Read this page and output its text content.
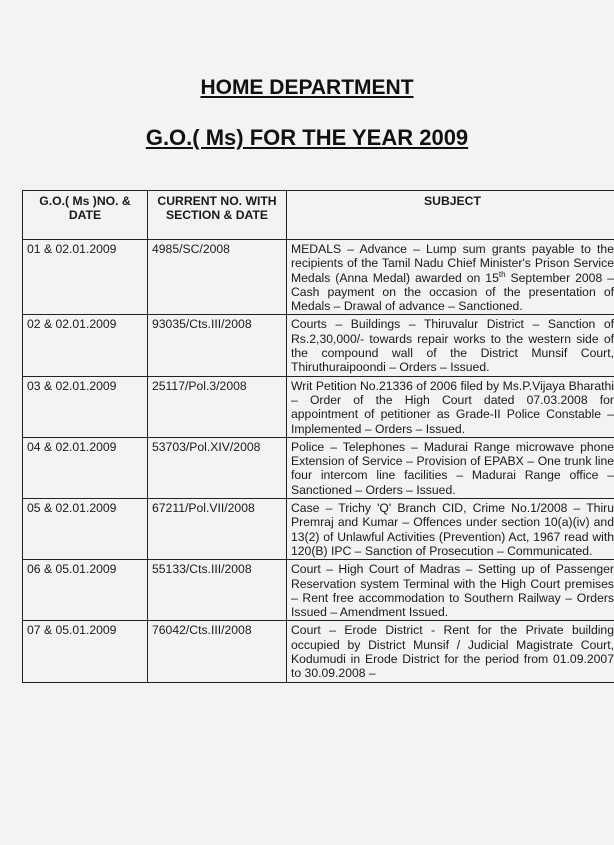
HOME DEPARTMENT
G.O.( Ms) FOR THE YEAR 2009
G.O.( Ms )NO. & DATE	CURRENT NO. WITH SECTION & DATE	SUBJECT
01 & 02.01.2009	4985/SC/2008	MEDALS – Advance – Lump sum grants payable to the recipients of the Tamil Nadu Chief Minister's Prison Service Medals (Anna Medal) awarded on 15th September 2008 – Cash payment on the occasion of the presentation of Medals – Drawal of advance – Sanctioned.
02 & 02.01.2009	93035/Cts.III/2008	Courts – Buildings – Thiruvalur District – Sanction of Rs.2,30,000/- towards repair works to the western side of the compound wall of the District Munsif Court, Thiruthuraipoondi – Orders – Issued.
03 & 02.01.2009	25117/Pol.3/2008	Writ Petition No.21336 of 2006 filed by Ms.P.Vijaya Bharathi – Order of the High Court dated 07.03.2008 for appointment of petitioner as Grade-II Police Constable – Implemented – Orders – Issued.
04 & 02.01.2009	53703/Pol.XIV/2008	Police – Telephones – Madurai Range microwave phone Extension of Service – Provision of EPABX – One trunk line four intercom line facilities – Madurai Range office – Sanctioned – Orders – Issued.
05 & 02.01.2009	67211/Pol.VII/2008	Case – Trichy 'Q' Branch CID, Crime No.1/2008 – Thiru Premraj and Kumar – Offences under section 10(a)(iv) and 13(2) of Unlawful Activities (Prevention) Act, 1967 read with 120(B) IPC – Sanction of Prosecution – Communicated.
06 & 05.01.2009	55133/Cts.III/2008	Court – High Court of Madras – Setting up of Passenger Reservation system Terminal with the High Court premises – Rent free accommodation to Southern Railway – Orders Issued – Amendment Issued.
07 & 05.01.2009	76042/Cts.III/2008	Court – Erode District - Rent for the Private building occupied by District Munsif / Judicial Magistrate Court, Kodumudi in Erode District for the period from 01.09.2007 to 30.09.2008 –
